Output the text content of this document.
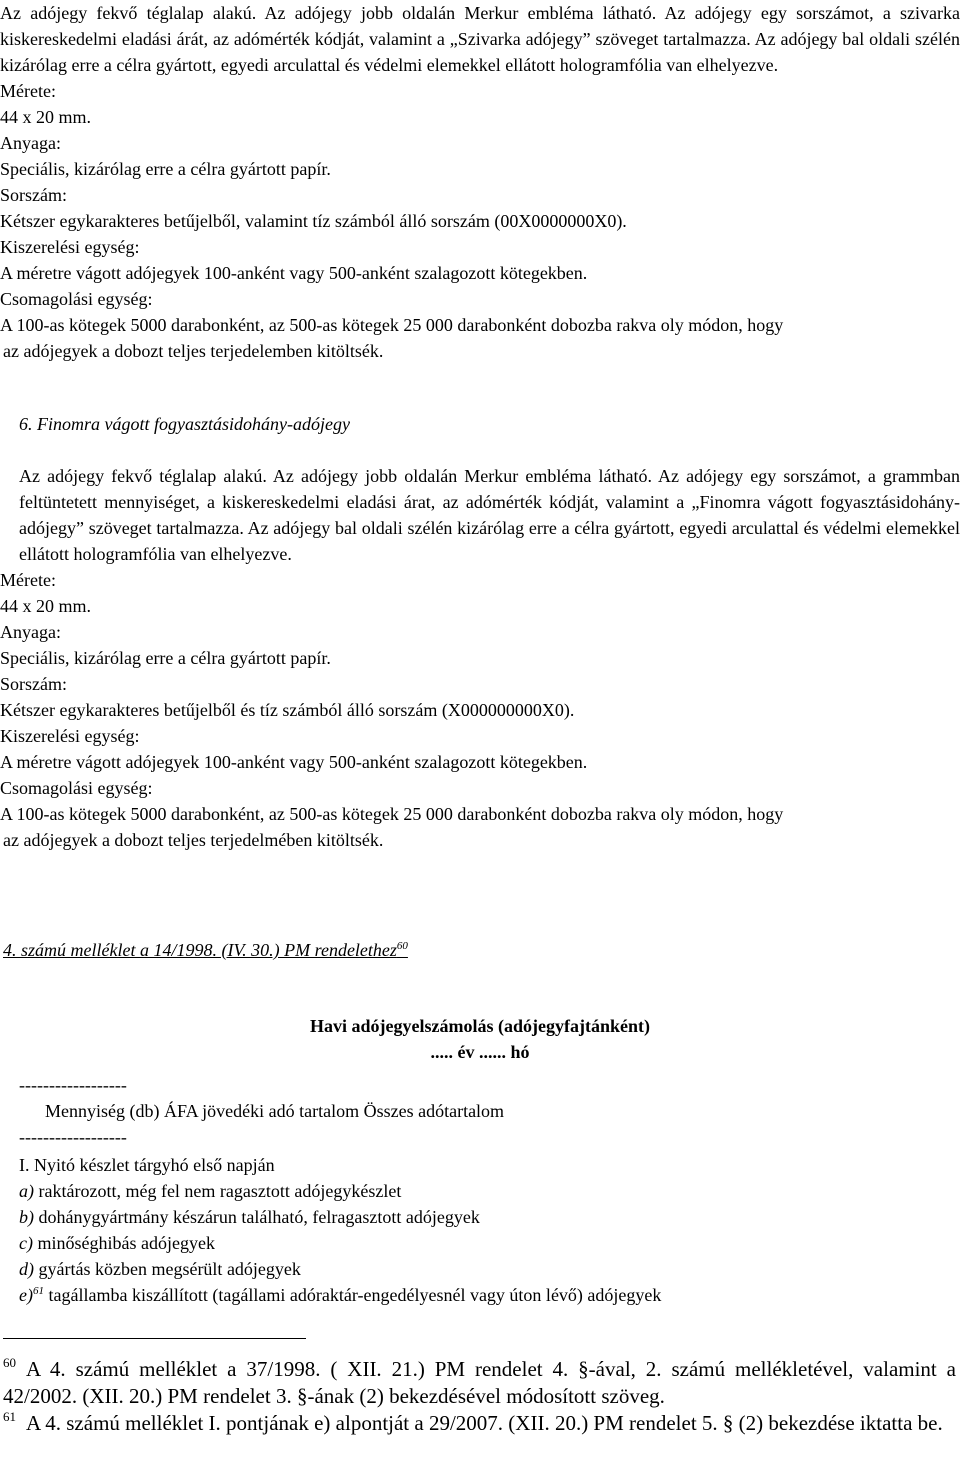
Az adójegy fekvő téglalap alakú. Az adójegy jobb oldalán Merkur embléma látható. Az adójegy egy sorszámot, a szivarka kiskereskedelmi eladási árát, az adómérték kódját, valamint a „Szivarka adójegy” szöveget tartalmazza. Az adójegy bal oldali szélén kizárólag erre a célra gyártott, egyedi arculattal és védelmi elemekkel ellátott hologramfólia van elhelyezve.

Mérete:

44 x 20 mm.

Anyaga:

Speciális, kizárólag erre a célra gyártott papír.

Sorszám:

Kétszer egykarakteres betűjelből, valamint tíz számból álló sorszám (00X0000000X0).

Kiszerelési egység:

A méretre vágott adójegyek 100-anként vagy 500-anként szalagozott kötegekben.

Csomagolási egység:

A 100-as kötegek 5000 darabonként, az 500-as kötegek 25 000 darabonként dobozba rakva oly módon, hogy

az adójegyek a dobozt teljes terjedelemben kitöltsék.

6. Finomra vágott fogyasztásidohány-adójegy

Az adójegy fekvő téglalap alakú. Az adójegy jobb oldalán Merkur embléma látható. Az adójegy egy sorszámot, a grammban feltüntetett mennyiséget, a kiskereskedelmi eladási árat, az adómérték kódját, valamint a „Finomra vágott fogyasztásidohány-adójegy” szöveget tartalmazza. Az adójegy bal oldali szélén kizárólag erre a célra gyártott, egyedi arculattal és védelmi elemekkel ellátott hologramfólia van elhelyezve.

Mérete:

44 x 20 mm.

Anyaga:

Speciális, kizárólag erre a célra gyártott papír.

Sorszám:

Kétszer egykarakteres betűjelből és tíz számból álló sorszám (X000000000X0).

Kiszerelési egység:

A méretre vágott adójegyek 100-anként vagy 500-anként szalagozott kötegekben.

Csomagolási egység:

A 100-as kötegek 5000 darabonként, az 500-as kötegek 25 000 darabonként dobozba rakva oly módon, hogy

az adójegyek a dobozt teljes terjedelmében kitöltsék.

4. számú melléklet a 14/1998. (IV. 30.) PM rendelethez$^{60}$
Havi adójegyelszámolás (adójegyfajtánként)
..... év ...... hó
------------------
Mennyiség (db) ÁFA jövedéki adó tartalom Összes adótartalom
------------------
I. Nyitó készlet tárgyhó első napján
a) raktározott, még fel nem ragasztott adójegykészlet
b) dohánygyártmány készárun található, felragasztott adójegyek
c) minőséghibás adójegyek
d) gyártás közben megsérült adójegyek
e)$^{61}$ tagállamba kiszállított (tagállami adóraktár-engedélyesnél vagy úton lévő) adójegyek
$^{60}$ A 4. számú melléklet a 37/1998. ( XII. 21.) PM rendelet 4. §-ával, 2. számú mellékletével, valamint a 42/2002. (XII. 20.) PM rendelet 3. §-ának (2) bekezdésével módosított szöveg.
$^{61}$ A 4. számú melléklet I. pontjának e) alpontját a 29/2007. (XII. 20.) PM rendelet 5. § (2) bekezdése iktatta be.
